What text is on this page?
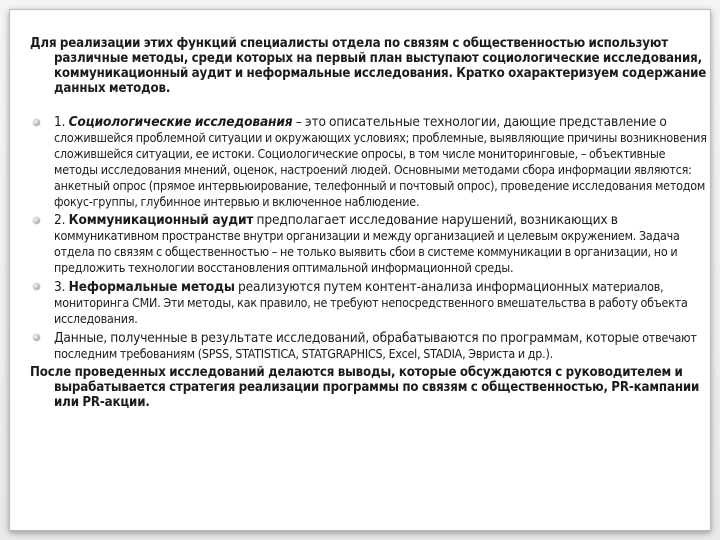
Для реализации этих функций специалисты отдела по связям с общественностью используют различные методы, среди которых на первый план выступают социологические исследования, коммуникационный аудит и неформальные исследования. Кратко охарактеризуем содержание данных методов.

1. Социологические исследования – это описательные технологии, дающие представление о сложившейся проблемной ситуации и окружающих условиях; проблемные, выявляющие причины возникновения сложившейся ситуации, ее истоки. Социологические опросы, в том числе мониторинговые, – объективные методы исследования мнений, оценок, настроений людей. Основными методами сбора информации являются: анкетный опрос (прямое интервьюирование, телефонный и почтовый опрос), проведение исследования методом фокус-группы, глубинное интервью и включенное наблюдение.
2. Коммуникационный аудит предполагает исследование нарушений, возникающих в коммуникативном пространстве внутри организации и между организацией и целевым окружением. Задача отдела по связям с общественностью – не только выявить сбои в системе коммуникации в организации, но и предложить технологии восстановления оптимальной информационной среды.
3. Неформальные методы реализуются путем контент-анализа информационных материалов, мониторинга СМИ. Эти методы, как правило, не требуют непосредственного вмешательства в работу объекта исследования.
Данные, полученные в результате исследований, обрабатываются по программам, которые отвечают последним требованиям (SPSS, STATISTICA, STATGRAPHICS, Excel, STADIA, Эвриста и др.).

После проведенных исследований делаются выводы, которые обсуждаются с руководителем и вырабатывается стратегия реализации программы по связям с общественностью, PR-кампании или PR-акции.
